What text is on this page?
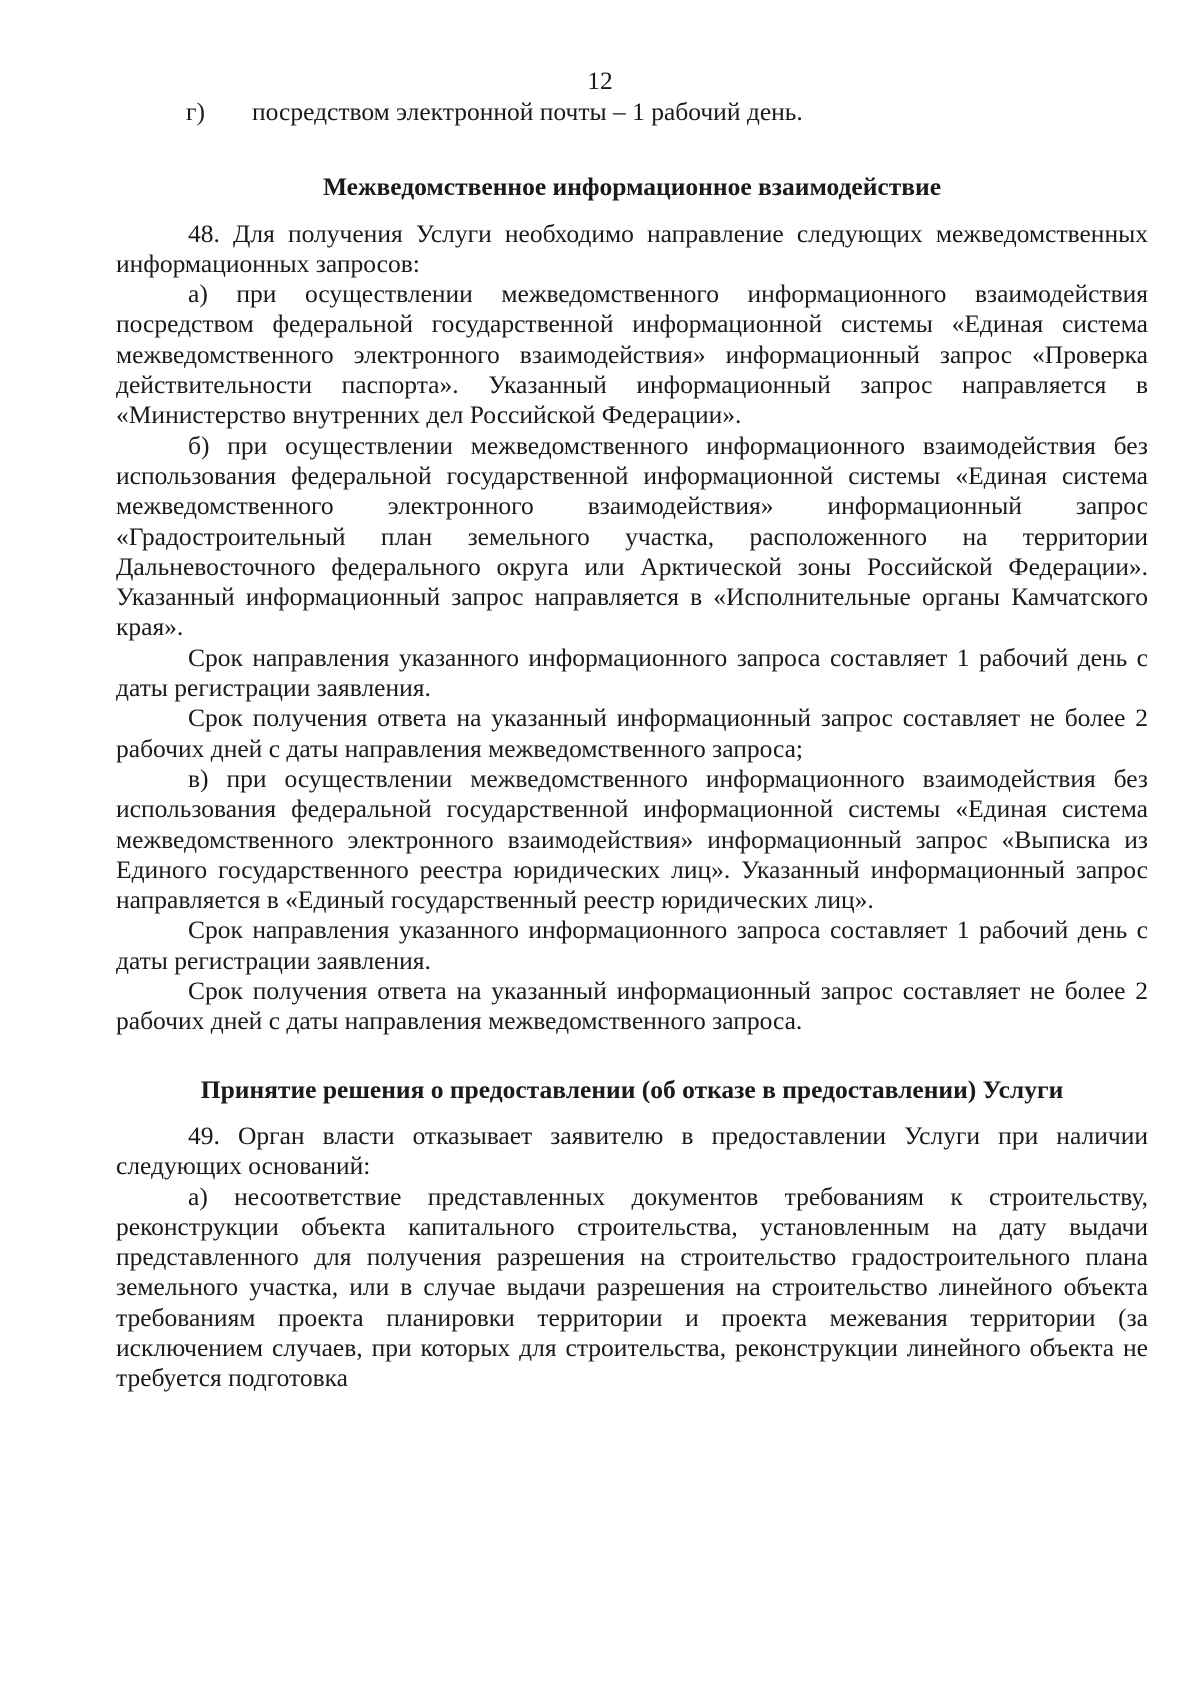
12
г)	посредством электронной почты – 1 рабочий день.
Межведомственное информационное взаимодействие

48. Для получения Услуги необходимо направление следующих межведомственных информационных запросов:

а) при осуществлении межведомственного информационного взаимодействия посредством федеральной государственной информационной системы «Единая система межведомственного электронного взаимодействия» информационный запрос «Проверка действительности паспорта». Указанный информационный запрос направляется в «Министерство внутренних дел Российской Федерации».

б) при осуществлении межведомственного информационного взаимодействия без использования федеральной государственной информационной системы «Единая система межведомственного электронного взаимодействия» информационный запрос «Градостроительный план земельного участка, расположенного на территории Дальневосточного федерального округа или Арктической зоны Российской Федерации». Указанный информационный запрос направляется в «Исполнительные органы Камчатского края».

Срок направления указанного информационного запроса составляет 1 рабочий день с даты регистрации заявления.

Срок получения ответа на указанный информационный запрос составляет не более 2 рабочих дней с даты направления межведомственного запроса;

в) при осуществлении межведомственного информационного взаимодействия без использования федеральной государственной информационной системы «Единая система межведомственного электронного взаимодействия» информационный запрос «Выписка из Единого государственного реестра юридических лиц». Указанный информационный запрос направляется в «Единый государственный реестр юридических лиц».

Срок направления указанного информационного запроса составляет 1 рабочий день с даты регистрации заявления.

Срок получения ответа на указанный информационный запрос составляет не более 2 рабочих дней с даты направления межведомственного запроса.

Принятие решения о предоставлении (об отказе в предоставлении) Услуги

49. Орган власти отказывает заявителю в предоставлении Услуги при наличии следующих оснований:

а) несоответствие представленных документов требованиям к строительству, реконструкции объекта капитального строительства, установленным на дату выдачи представленного для получения разрешения на строительство градостроительного плана земельного участка, или в случае выдачи разрешения на строительство линейного объекта требованиям проекта планировки территории и проекта межевания территории (за исключением случаев, при которых для строительства, реконструкции линейного объекта не требуется подготовка
